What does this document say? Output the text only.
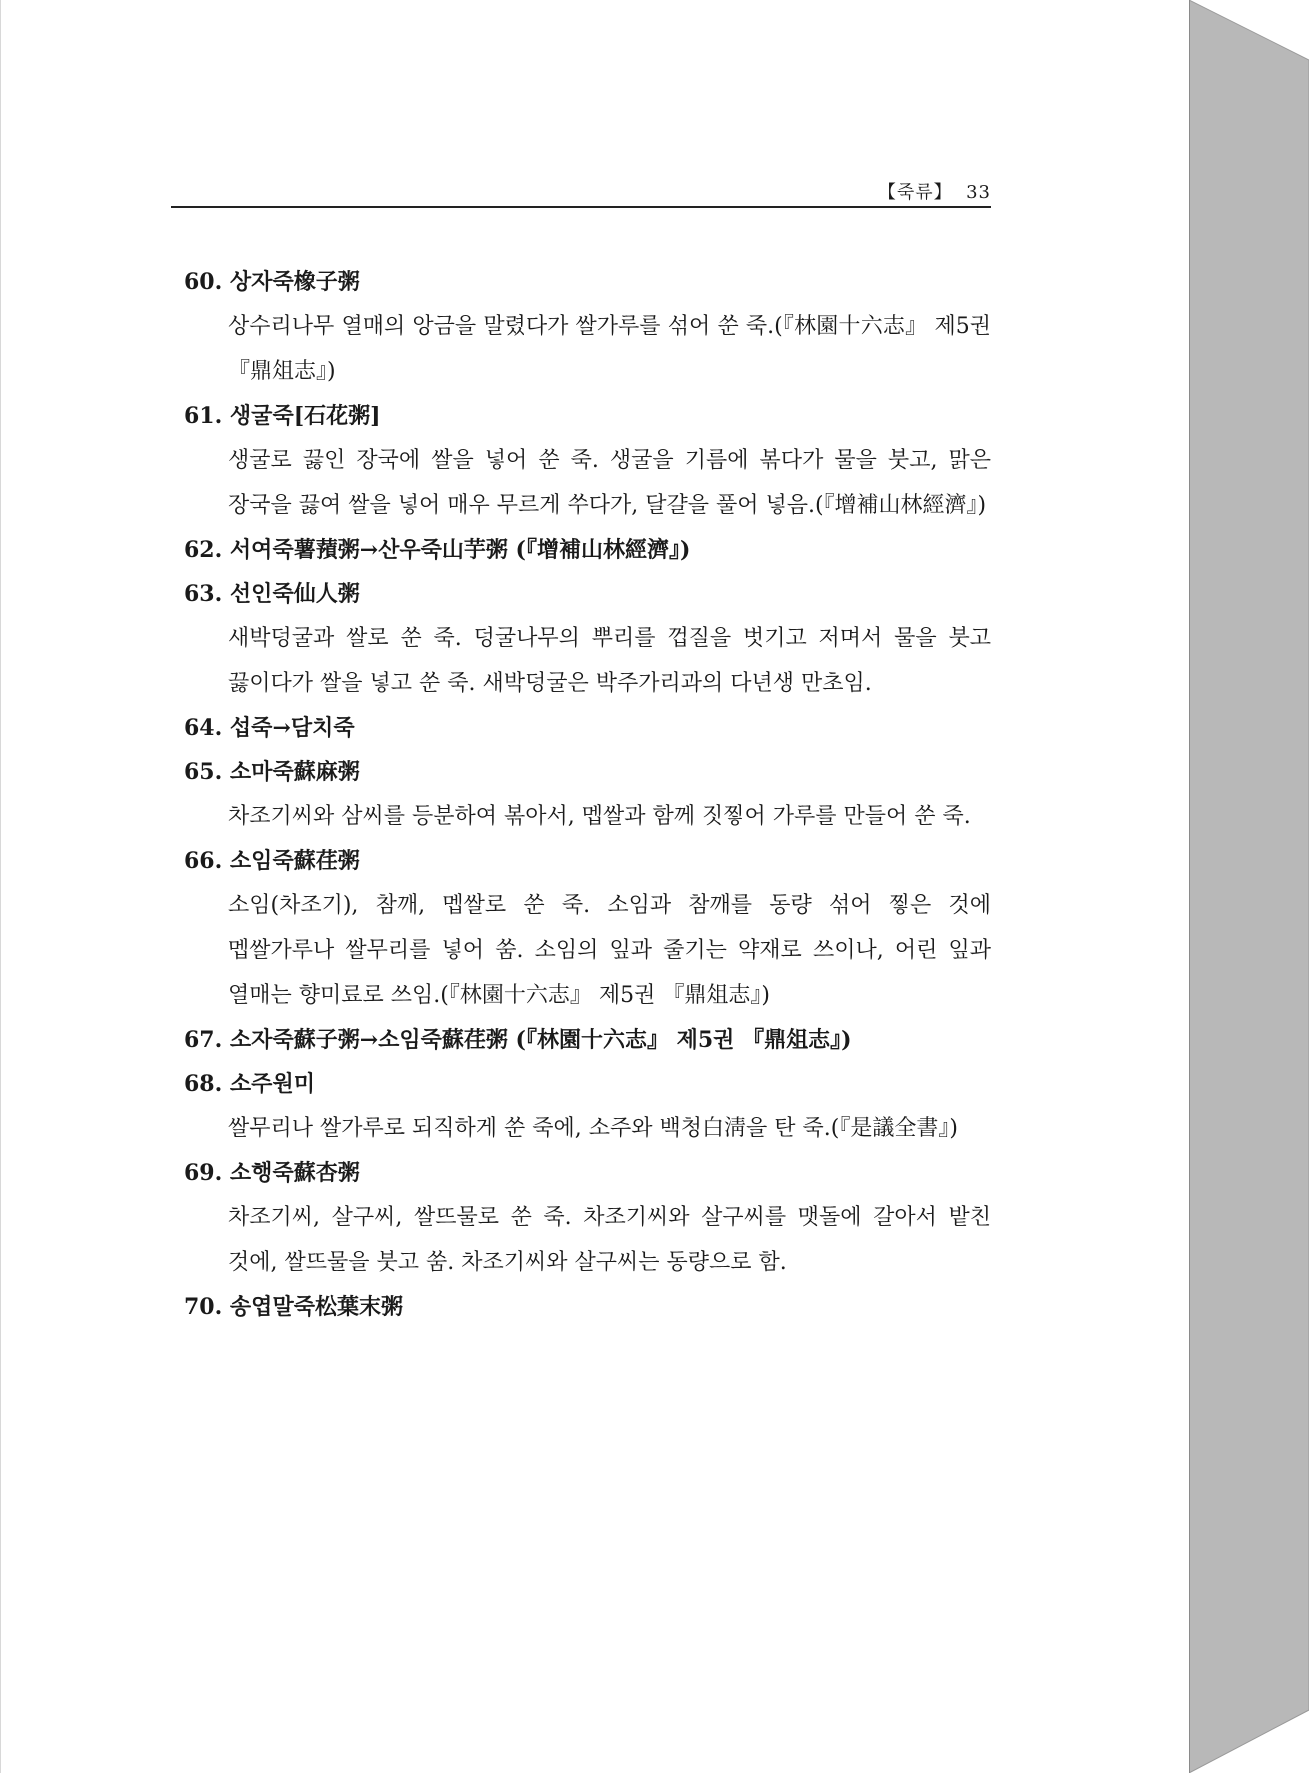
【죽류】 33
60. 상자죽橡子粥
상수리나무 열매의 앙금을 말렸다가 쌀가루를 섞어 쑨 죽.(『林園十六志』 제5권 『鼎俎志』)
61. 생굴죽[石花粥]
생굴로 끓인 장국에 쌀을 넣어 쑨 죽. 생굴을 기름에 볶다가 물을 붓고, 맑은 장국을 끓여 쌀을 넣어 매우 무르게 쑤다가, 달걀을 풀어 넣음.(『增補山林經濟』)
62. 서여죽薯蕷粥→산우죽山芋粥 (『增補山林經濟』)
63. 선인죽仙人粥
새박덩굴과 쌀로 쑨 죽. 덩굴나무의 뿌리를 껍질을 벗기고 저며서 물을 붓고 끓이다가 쌀을 넣고 쑨 죽. 새박덩굴은 박주가리과의 다년생 만초임.
64. 섭죽→담치죽
65. 소마죽蘇麻粥
차조기씨와 삼씨를 등분하여 볶아서, 멥쌀과 함께 짓찧어 가루를 만들어 쑨 죽.
66. 소임죽蘇荏粥
소임(차조기), 참깨, 멥쌀로 쑨 죽. 소임과 참깨를 동량 섞어 찧은 것에 멥쌀가루나 쌀무리를 넣어 쑴. 소임의 잎과 줄기는 약재로 쓰이나, 어린 잎과 열매는 향미료로 쓰임.(『林園十六志』 제5권 『鼎俎志』)
67. 소자죽蘇子粥→소임죽蘇荏粥 (『林園十六志』 제5권 『鼎俎志』)
68. 소주원미
쌀무리나 쌀가루로 되직하게 쑨 죽에, 소주와 백청白淸을 탄 죽.(『是議全書』)
69. 소행죽蘇杏粥
차조기씨, 살구씨, 쌀뜨물로 쑨 죽. 차조기씨와 살구씨를 맷돌에 갈아서 밭친 것에, 쌀뜨물을 붓고 쑴. 차조기씨와 살구씨는 동량으로 함.
70. 송엽말죽松葉末粥
